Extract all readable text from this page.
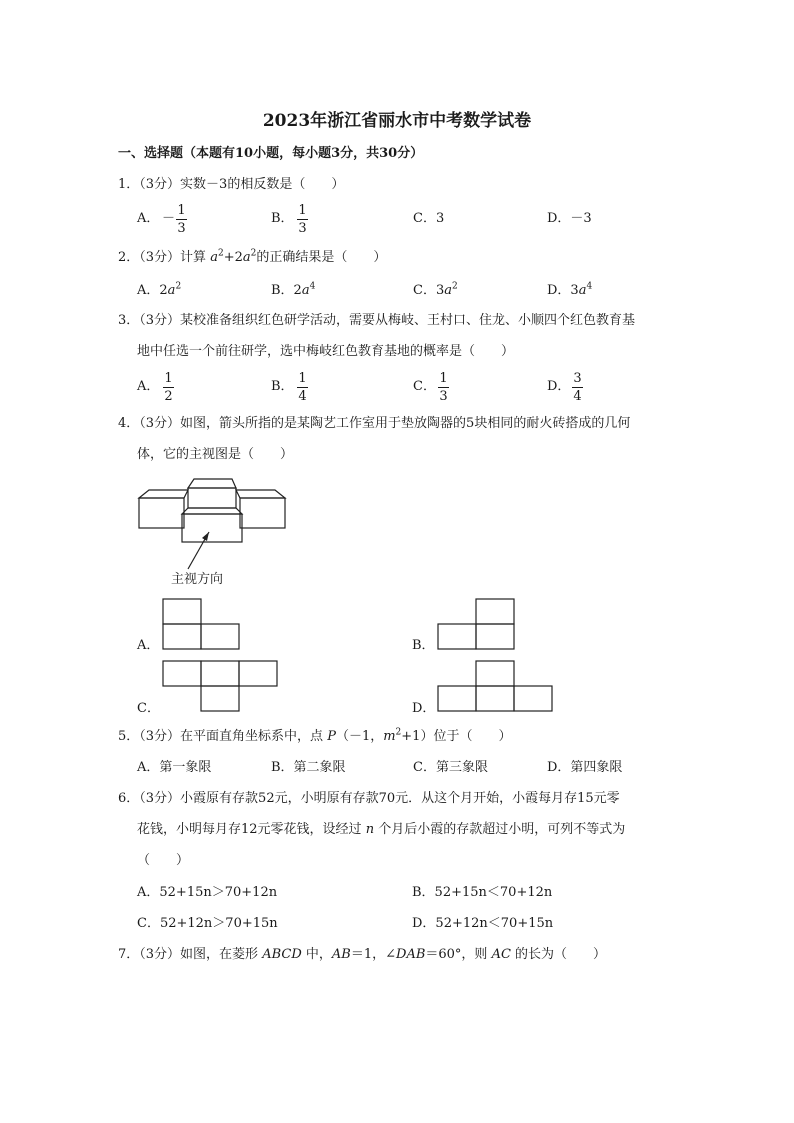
2023年浙江省丽水市中考数学试卷
一、选择题（本题有10小题，每小题3分，共30分）
1．（3分）实数－3的相反数是（　　）
A． －
1
3
B．
1
3
C．3	D．－3
2．（3分）计算 $a^2+2a^2$的正确结果是（　　）
A．$2a^2$	B．$2a^4$	C．$3a^2$	D．$3a^4$
3．（3分）某校准备组织红色研学活动，需要从梅岐、王村口、住龙、小顺四个红色教育基
地中任选一个前往研学，选中梅岐红色教育基地的概率是（　　）
A．
1
2
B．
1
4
C．
1
3
D．
3
4
4．（3分）如图，箭头所指的是某陶艺工作室用于垫放陶器的5块相同的耐火砖搭成的几何
体，它的主视图是（　　）
主视方向
A．	B．
C．	D．
5．（3分）在平面直角坐标系中，点 P（－1，$m^2+1$）位于（　　）
A．第一象限	B．第二象限	C．第三象限	D．第四象限
6．（3分）小霞原有存款52元，小明原有存款70元．从这个月开始，小霞每月存15元零
花钱，小明每月存12元零花钱，设经过 n 个月后小霞的存款超过小明，可列不等式为
（　　）
A．52+15n＞70+12n	B．52+15n＜70+12n
C．52+12n＞70+15n	D．52+12n＜70+15n
7．（3分）如图，在菱形 ABCD 中，AB＝1，∠DAB＝60°，则 AC 的长为（　　）
